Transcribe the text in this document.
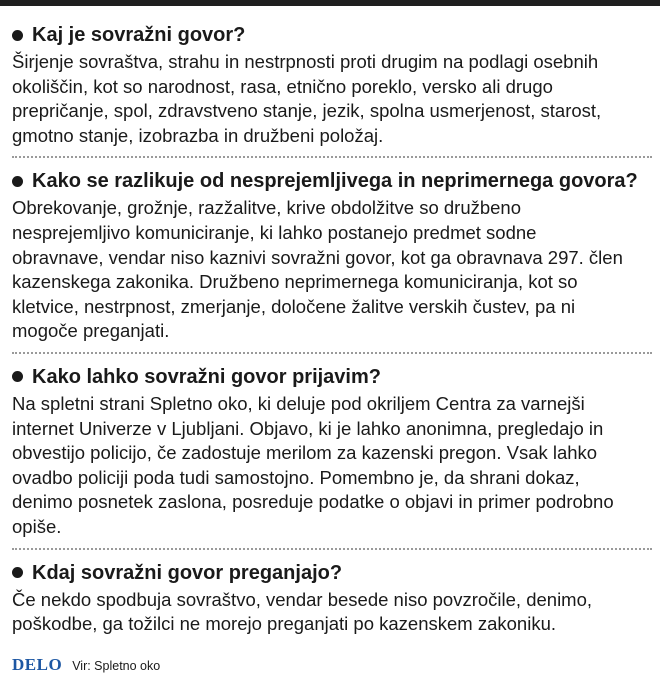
Kaj je sovražni govor?

Širjenje sovraštva, strahu in nestrpnosti proti drugim na podlagi osebnih
okoliščin, kot so narodnost, rasa, etnično poreklo, versko ali drugo
prepričanje, spol, zdravstveno stanje, jezik, spolna usmerjenost, starost,
gmotno stanje, izobrazba in družbeni položaj.

Kako se razlikuje od nesprejemljivega in neprimernega govora?

Obrekovanje, grožnje, razžalitve, krive obdolžitve so družbeno
nesprejemljivo komuniciranje, ki lahko postanejo predmet sodne
obravnave, vendar niso kaznivi sovražni govor, kot ga obravnava 297. člen
kazenskega zakonika. Družbeno neprimernega komuniciranja, kot so
kletvice, nestrpnost, zmerjanje, določene žalitve verskih čustev, pa ni
mogoče preganjati.

Kako lahko sovražni govor prijavim?

Na spletni strani Spletno oko, ki deluje pod okriljem Centra za varnejši
internet Univerze v Ljubljani. Objavo, ki je lahko anonimna, pregledajo in
obvestijo policijo, če zadostuje merilom za kazenski pregon. Vsak lahko
ovadbo policiji poda tudi samostojno. Pomembno je, da shrani dokaz,
denimo posnetek zaslona, posreduje podatke o objavi in primer podrobno
opiše.

Kdaj sovražni govor preganjajo?

Če nekdo spodbuja sovraštvo, vendar besede niso povzročile, denimo,
poškodbe, ga tožilci ne morejo preganjati po kazenskem zakoniku.

DELO Vir: Spletno oko
